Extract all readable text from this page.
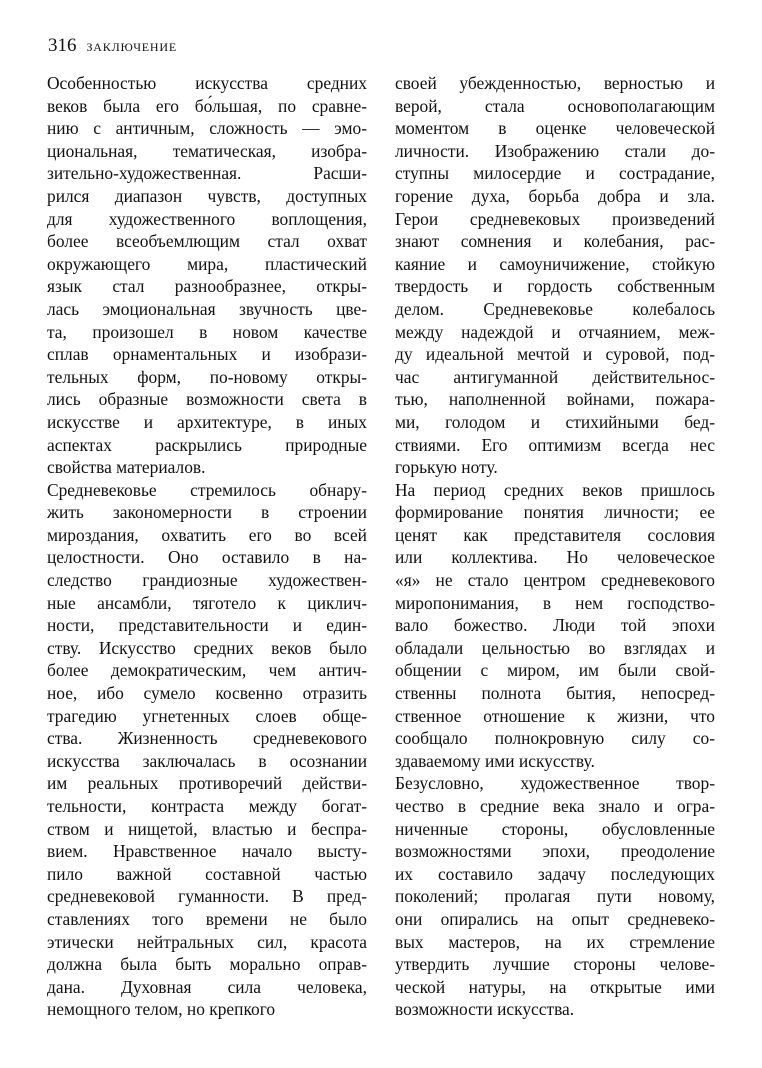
316 ЗАКЛЮЧЕНИЕ
Особенностью искусства средних
веков была его бо́льшая, по сравне-
нию с античным, сложность — эмо-
циональная, тематическая, изобра-
зительно-художественная. Расши-
рился диапазон чувств, доступных
для художественного воплощения,
более всеобъемлющим стал охват
окружающего мира, пластический
язык стал разнообразнее, откры-
лась эмоциональная звучность цве-
та, произошел в новом качестве
сплав орнаментальных и изобрази-
тельных форм, по-новому откры-
лись образные возможности света в
искусстве и архитектуре, в иных
аспектах раскрылись природные
свойства материалов.
Средневековье стремилось обнару-
жить закономерности в строении
мироздания, охватить его во всей
целостности. Оно оставило в на-
следство грандиозные художествен-
ные ансамбли, тяготело к циклич-
ности, представительности и един-
ству. Искусство средних веков было
более демократическим, чем антич-
ное, ибо сумело косвенно отразить
трагедию угнетенных слоев обще-
ства. Жизненность средневекового
искусства заключалась в осознании
им реальных противоречий действи-
тельности, контраста между богат-
ством и нищетой, властью и беспра-
вием. Нравственное начало высту-
пило важной составной частью
средневековой гуманности. В пред-
ставлениях того времени не было
этически нейтральных сил, красота
должна была быть морально оправ-
дана. Духовная сила человека,
немощного телом, но крепкого
своей убежденностью, верностью и
верой, стала основополагающим
моментом в оценке человеческой
личности. Изображению стали до-
ступны милосердие и сострадание,
горение духа, борьба добра и зла.
Герои средневековых произведений
знают сомнения и колебания, рас-
каяние и самоуничижение, стойкую
твердость и гордость собственным
делом. Средневековье колебалось
между надеждой и отчаянием, меж-
ду идеальной мечтой и суровой, под-
час антигуманной действительнос-
тью, наполненной войнами, пожара-
ми, голодом и стихийными бед-
ствиями. Его оптимизм всегда нес
горькую ноту.
На период средних веков пришлось
формирование понятия личности; ее
ценят как представителя сословия
или коллектива. Но человеческое
«я» не стало центром средневекового
миропонимания, в нем господство-
вало божество. Люди той эпохи
обладали цельностью во взглядах и
общении с миром, им были свой-
ственны полнота бытия, непосред-
ственное отношение к жизни, что
сообщало полнокровную силу со-
здаваемому ими искусству.
Безусловно, художественное твор-
чество в средние века знало и огра-
ниченные стороны, обусловленные
возможностями эпохи, преодоление
их составило задачу последующих
поколений; пролагая пути новому,
они опирались на опыт средневеко-
вых мастеров, на их стремление
утвердить лучшие стороны челове-
ческой натуры, на открытые ими
возможности искусства.
